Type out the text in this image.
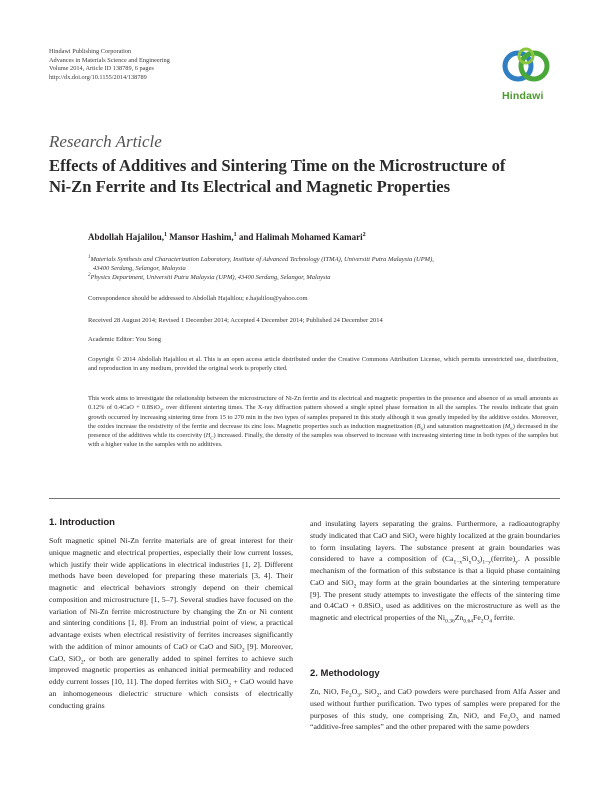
Hindawi Publishing Corporation
Advances in Materials Science and Engineering
Volume 2014, Article ID 138789, 6 pages
http://dx.doi.org/10.1155/2014/138789
Hindawi
Research Article
Effects of Additives and Sintering Time on the Microstructure of
Ni-Zn Ferrite and Its Electrical and Magnetic Properties
Abdollah Hajalilou,$^1$ Mansor Hashim,$^1$ and Halimah Mohamed Kamari$^2$
$^1$Materials Synthesis and Characterization Laboratory, Institute of Advanced Technology (ITMA), Universiti Putra Malaysia (UPM),
43400 Serdang, Selangor, Malaysia
$^2$Physics Department, Universiti Putra Malaysia (UPM), 43400 Serdang, Selangor, Malaysia
Correspondence should be addressed to Abdollah Hajalilou; e.hajalilou@yahoo.com
Received 28 August 2014; Revised 1 December 2014; Accepted 4 December 2014; Published 24 December 2014
Academic Editor: You Song
Copyright © 2014 Abdollah Hajalilou et al. This is an open access article distributed under the Creative Commons Attribution License, which permits unrestricted use, distribution, and reproduction in any medium, provided the original work is properly cited.
This work aims to investigate the relationship between the microstructure of Ni-Zn ferrite and its electrical and magnetic properties in the presence and absence of as small amounts as 0.12% of 0.4CaO + 0.8SiO$_2$, over different sintering times. The X-ray diffraction pattern showed a single spinel phase formation in all the samples. The results indicate that grain growth occurred by increasing sintering time from 15 to 270 min in the two types of samples prepared in this study although it was greatly impeded by the additive oxides. Moreover, the oxides increase the resistivity of the ferrite and decrease its zinc loss. Magnetic properties such as induction magnetization $(B_S)$ and saturation magnetization $(M_S)$ decreased in the presence of the additives while its coercivity $(H_C)$ increased. Finally, the density of the samples was observed to increase with increasing sintering time in both types of the samples but with a higher value in the samples with no additives.
1. Introduction
Soft magnetic spinel Ni-Zn ferrite materials are of great interest for their unique magnetic and electrical properties, especially their low current losses, which justify their wide applications in electrical industries [1, 2]. Different methods have been developed for preparing these materials [3, 4]. Their magnetic and electrical behaviors strongly depend on their chemical composition and microstructure [1, 5–7]. Several studies have focused on the variation of Ni-Zn ferrite microstructure by changing the Zn or Ni content and sintering conditions [1, 8]. From an industrial point of view, a practical advantage exists when electrical resistivity of ferrites increases significantly with the addition of minor amounts of CaO or CaO and SiO$_2$ [9]. Moreover, CaO, SiO$_2$, or both are generally added to spinel ferrites to achieve such improved magnetic properties as enhanced initial permeability and reduced eddy current losses [10, 11]. The doped ferrites with SiO$_2$ + CaO would have an inhomogeneous dielectric structure which consists of electrically conducting grains
and insulating layers separating the grains. Furthermore, a radioautography study indicated that CaO and SiO$_2$ were highly localized at the grain boundaries to form insulating layers. The substance present at grain boundaries was considered to have a composition of $(Ca_{1-x}Si_xO_3)_{1-y}(ferrite)_y$. A possible mechanism of the formation of this substance is that a liquid phase containing CaO and SiO$_2$ may form at the grain boundaries at the sintering temperature [9]. The present study attempts to investigate the effects of the sintering time and 0.4CaO + 0.8SiO$_2$ used as additives on the microstructure as well as the magnetic and electrical properties of the $Ni_{0.36}Zn_{0.64}Fe_2O_4$ ferrite.
2. Methodology
Zn, NiO, $Fe_2O_3$, SiO$_2$, and CaO powders were purchased from Alfa Asser and used without further purification. Two types of samples were prepared for the purposes of this study, one comprising Zn, NiO, and $Fe_2O_3$ and named “additive-free samples” and the other prepared with the same powders
